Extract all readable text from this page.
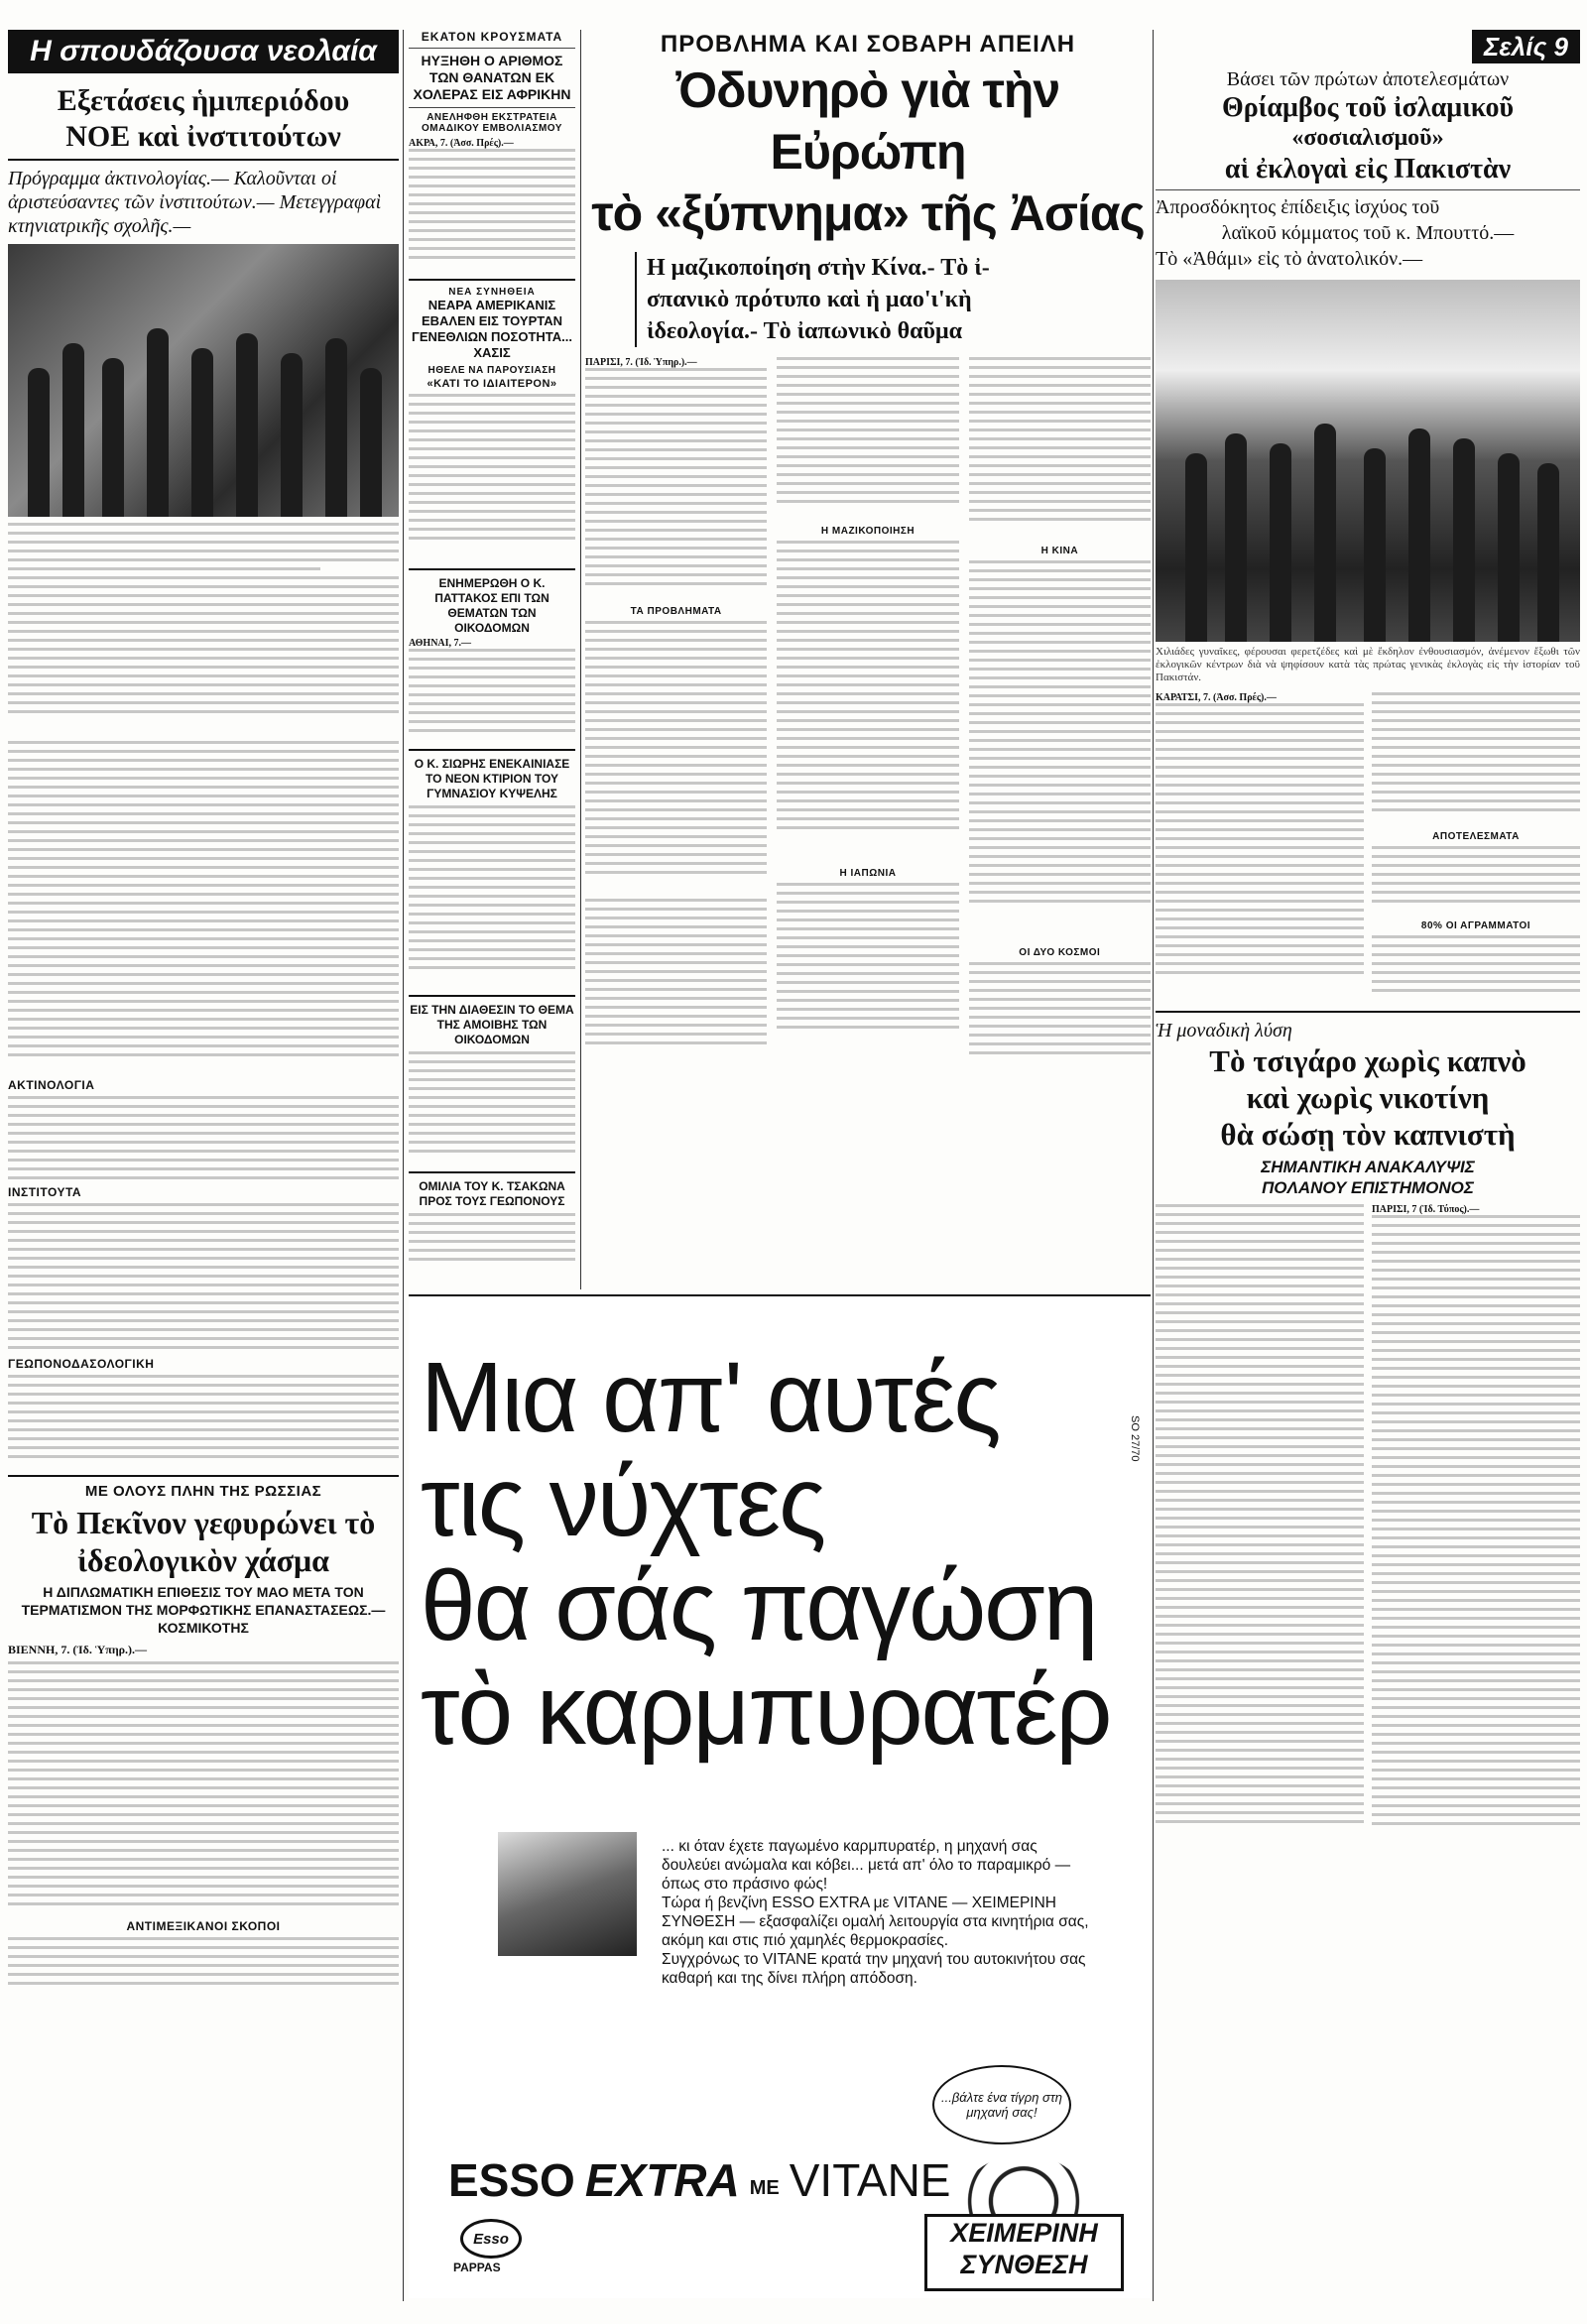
Η σπουδάζουσα νεολαία
Εξετάσεις ἡμιπεριόδου
ΝΟΕ καὶ ἰνστιτούτων
Πρόγραμμα ἀκτινολογίας.— Καλοῦνται οἱ ἀριστεύσαντες τῶν ἰνστιτούτων.— Μετεγγραφαὶ κτηνιατρικῆς σχολῆς.—
ΑΚΤΙΝΟΛΟΓΙΑ
ΙΝΣΤΙΤΟΥΤΑ
ΓΕΩΠΟΝΟΔΑΣΟΛΟΓΙΚΗ
ΜΕ ΟΛΟΥΣ ΠΛΗΝ ΤΗΣ ΡΩΣΣΙΑΣ
Τὸ Πεκῖνον γεφυρώνει τὸ ἰδεολογικὸν χάσμα
Η ΔΙΠΛΩΜΑΤΙΚΗ ΕΠΙΘΕΣΙΣ ΤΟΥ ΜΑΟ ΜΕΤΑ ΤΟΝ ΤΕΡΜΑΤΙΣΜΟΝ ΤΗΣ ΜΟΡΦΩΤΙΚΗΣ ΕΠΑΝΑΣΤΑΣΕΩΣ.— ΚΟΣΜΙΚΟΤΗΣ
ΒΙΕΝΝΗ, 7. (Ἰδ. Ὑπηρ.).—
ΑΝΤΙΜΕΞΙΚΑΝΟΙ ΣΚΟΠΟΙ
ΕΚΑΤΟΝ ΚΡΟΥΣΜΑΤΑ
ΗΥΞΗΘΗ Ο ΑΡΙΘΜΟΣ ΤΩΝ ΘΑΝΑΤΩΝ ΕΚ ΧΟΛΕΡΑΣ ΕΙΣ ΑΦΡΙΚΗΝ
ΑΝΕΛΗΦΘΗ ΕΚΣΤΡΑΤΕΙΑ ΟΜΑΔΙΚΟΥ ΕΜΒΟΛΙΑΣΜΟΥ
ΑΚΡΑ, 7. (Ἀσσ. Πρές).—
ΝΕΑ ΣΥΝΗΘΕΙΑ
ΝΕΑΡΑ ΑΜΕΡΙΚΑΝΙΣ ΕΒΑΛΕΝ ΕΙΣ ΤΟΥΡΤΑΝ ΓΕΝΕΘΛΙΩΝ ΠΟΣΟΤΗΤΑ... ΧΑΣΙΣ
ΗΘΕΛΕ ΝΑ ΠΑΡΟΥΣΙΑΣΗ
«ΚΑΤΙ ΤΟ ΙΔΙΑΙΤΕΡΟΝ»
ΕΝΗΜΕΡΩΘΗ Ο Κ. ΠΑΤΤΑΚΟΣ ΕΠΙ ΤΩΝ ΘΕΜΑΤΩΝ ΤΩΝ ΟΙΚΟΔΟΜΩΝ
ΑΘΗΝΑΙ, 7.—
Ο Κ. ΣΙΩΡΗΣ ΕΝΕΚΑΙΝΙΑΣΕ ΤΟ ΝΕΟΝ ΚΤΙΡΙΟΝ ΤΟΥ ΓΥΜΝΑΣΙΟΥ ΚΥΨΕΛΗΣ
ΕΙΣ ΤΗΝ ΔΙΑΘΕΣΙΝ ΤΟ ΘΕΜΑ ΤΗΣ ΑΜΟΙΒΗΣ ΤΩΝ ΟΙΚΟΔΟΜΩΝ
ΟΜΙΛΙΑ ΤΟΥ Κ. ΤΣΑΚΩΝΑ ΠΡΟΣ ΤΟΥΣ ΓΕΩΠΟΝΟΥΣ
ΠΡΟΒΛΗΜΑ ΚΑΙ ΣΟΒΑΡΗ ΑΠΕΙΛΗ
Ὀδυνηρὸ γιὰ τὴν Εὐρώπη
τὸ «ξύπνημα» τῆς Ἀσίας
Η μαζικοποίηση στὴν Κίνα.- Τὸ ἰ-
σπανικὸ πρότυπο καὶ ἡ μαο'ι'κὴ
ἰδεολογία.- Τὸ ἰαπωνικὸ θαῦμα
ΠΑΡΙΣΙ, 7. (Ἰδ. Ὑπηρ.).—
ΤΑ ΠΡΟΒΛΗΜΑΤΑ
Η ΜΑΖΙΚΟΠΟΙΗΣΗ
Η ΙΑΠΩΝΙΑ
Η ΚΙΝΑ
ΟΙ ΔΥΟ ΚΟΣΜΟΙ
Σελίς 9
Βάσει τῶν πρώτων ἀποτελεσμάτων
Θρίαμβος τοῦ ἰσλαμικοῦ
«σοσιαλισμοῦ»
αἱ ἐκλογαὶ εἰς Πακιστὰν
Ἀπροσδόκητος ἐπίδειξις ἰσχύος τοῦ
λαϊκοῦ κόμματος τοῦ κ. Μπουττό.—
Τὸ «Ἀθάμι» εἰς τὸ ἀνατολικόν.—
Χιλιάδες γυναῖκες, φέρουσαι φερετζέδες καὶ μὲ ἔκδηλον ἐνθουσιασμόν, ἀνέμενον ἔξωθι τῶν ἐκλογικῶν κέντρων διὰ νὰ ψηφίσουν κατὰ τὰς πρώτας γενικὰς ἐκλογὰς εἰς τὴν ἱστορίαν τοῦ Πακιστάν.
ΚΑΡΑΤΣΙ, 7. (Ἀσσ. Πρές).—
ΑΠΟΤΕΛΕΣΜΑΤΑ
80% ΟΙ ΑΓΡΑΜΜΑΤΟΙ
Ἡ μοναδικὴ λύση
Τὸ τσιγάρο χωρὶς καπνὸ
καὶ χωρὶς νικοτίνη
θὰ σώσῃ τὸν καπνιστὴ
ΣΗΜΑΝΤΙΚΗ ΑΝΑΚΑΛΥΨΙΣ
ΠΟΛΑΝΟΥ ΕΠΙΣΤΗΜΟΝΟΣ
ΠΑΡΙΣΙ, 7 (Ἰδ. Τύπος).—
Μια απ' αυτές
τις νύχτες
θα σάς παγώση
τὸ καρμπυρατέρ
SO 27/70
... κι όταν έχετε παγωμένο καρμπυρατέρ, η μηχανή σας δουλεύει ανώμαλα και κόβει... μετά απ' όλο το παραμικρό — όπως στο πράσινο φώς!
Τώρα ή βενζίνη ESSO EXTRA με VITANE — ΧΕΙΜΕΡΙΝΗ ΣΥΝΘΕΣΗ — εξασφαλίζει ομαλή λειτουργία στα κινητήρια σας, ακόμη και στις πιό χαμηλές θερμοκρασίες.
Συγχρόνως το VITANE κρατά την μηχανή του αυτοκινήτου σας καθαρή και της δίνει πλήρη απόδοση.
...βάλτε ένα τίγρη στη μηχανή σας!
ESSO EXTRA ME VITANE
Esso
PAPPAS
ΧΕΙΜΕΡΙΝΗ
ΣΥΝΘΕΣΗ
